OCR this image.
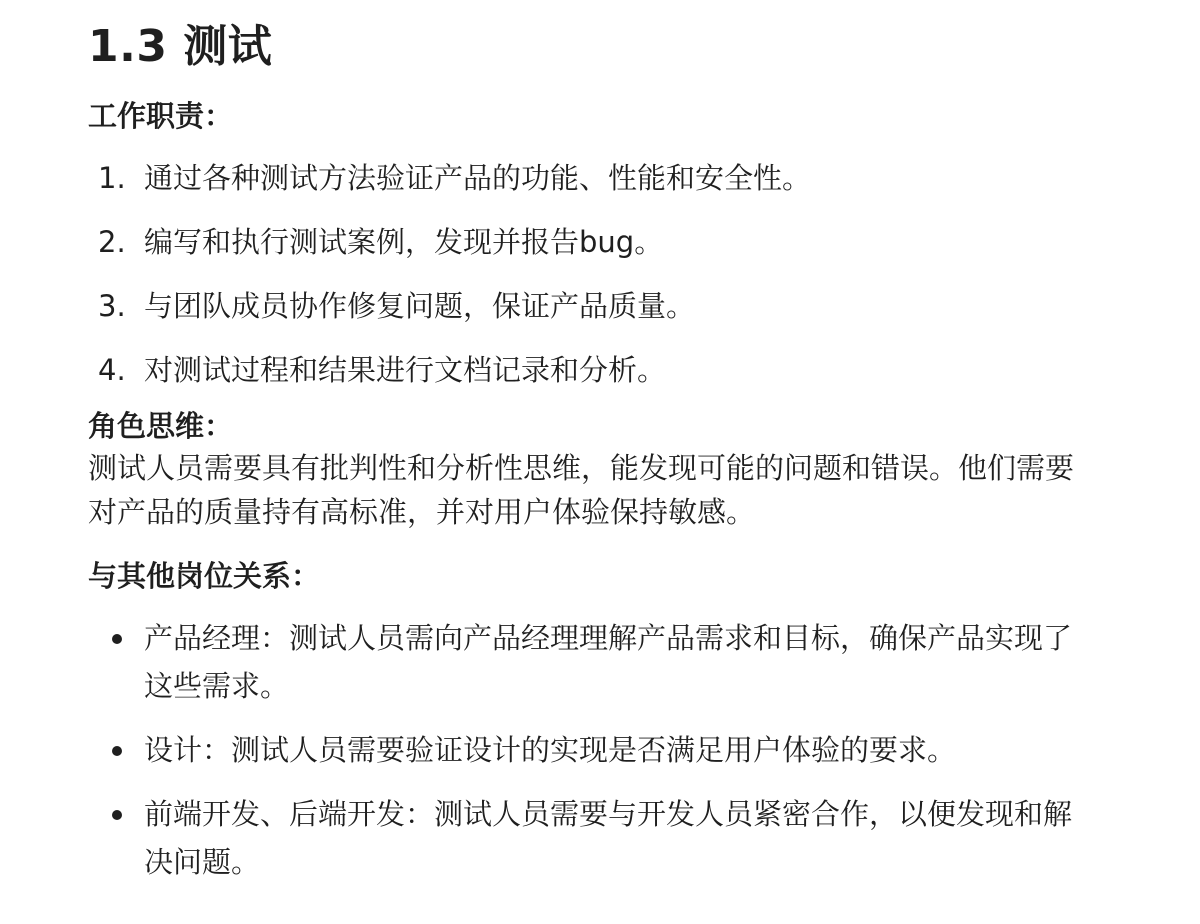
1.3 测试
工作职责：
1. 通过各种测试方法验证产品的功能、性能和安全性。
2. 编写和执行测试案例，发现并报告bug。
3. 与团队成员协作修复问题，保证产品质量。
4. 对测试过程和结果进行文档记录和分析。
角色思维：

测试人员需要具有批判性和分析性思维，能发现可能的问题和错误。他们需要对产品的质量持有高标准，并对用户体验保持敏感。

与其他岗位关系：
产品经理：测试人员需向产品经理理解产品需求和目标，确保产品实现了这些需求。
设计：测试人员需要验证设计的实现是否满足用户体验的要求。
前端开发、后端开发：测试人员需要与开发人员紧密合作，以便发现和解决问题。
